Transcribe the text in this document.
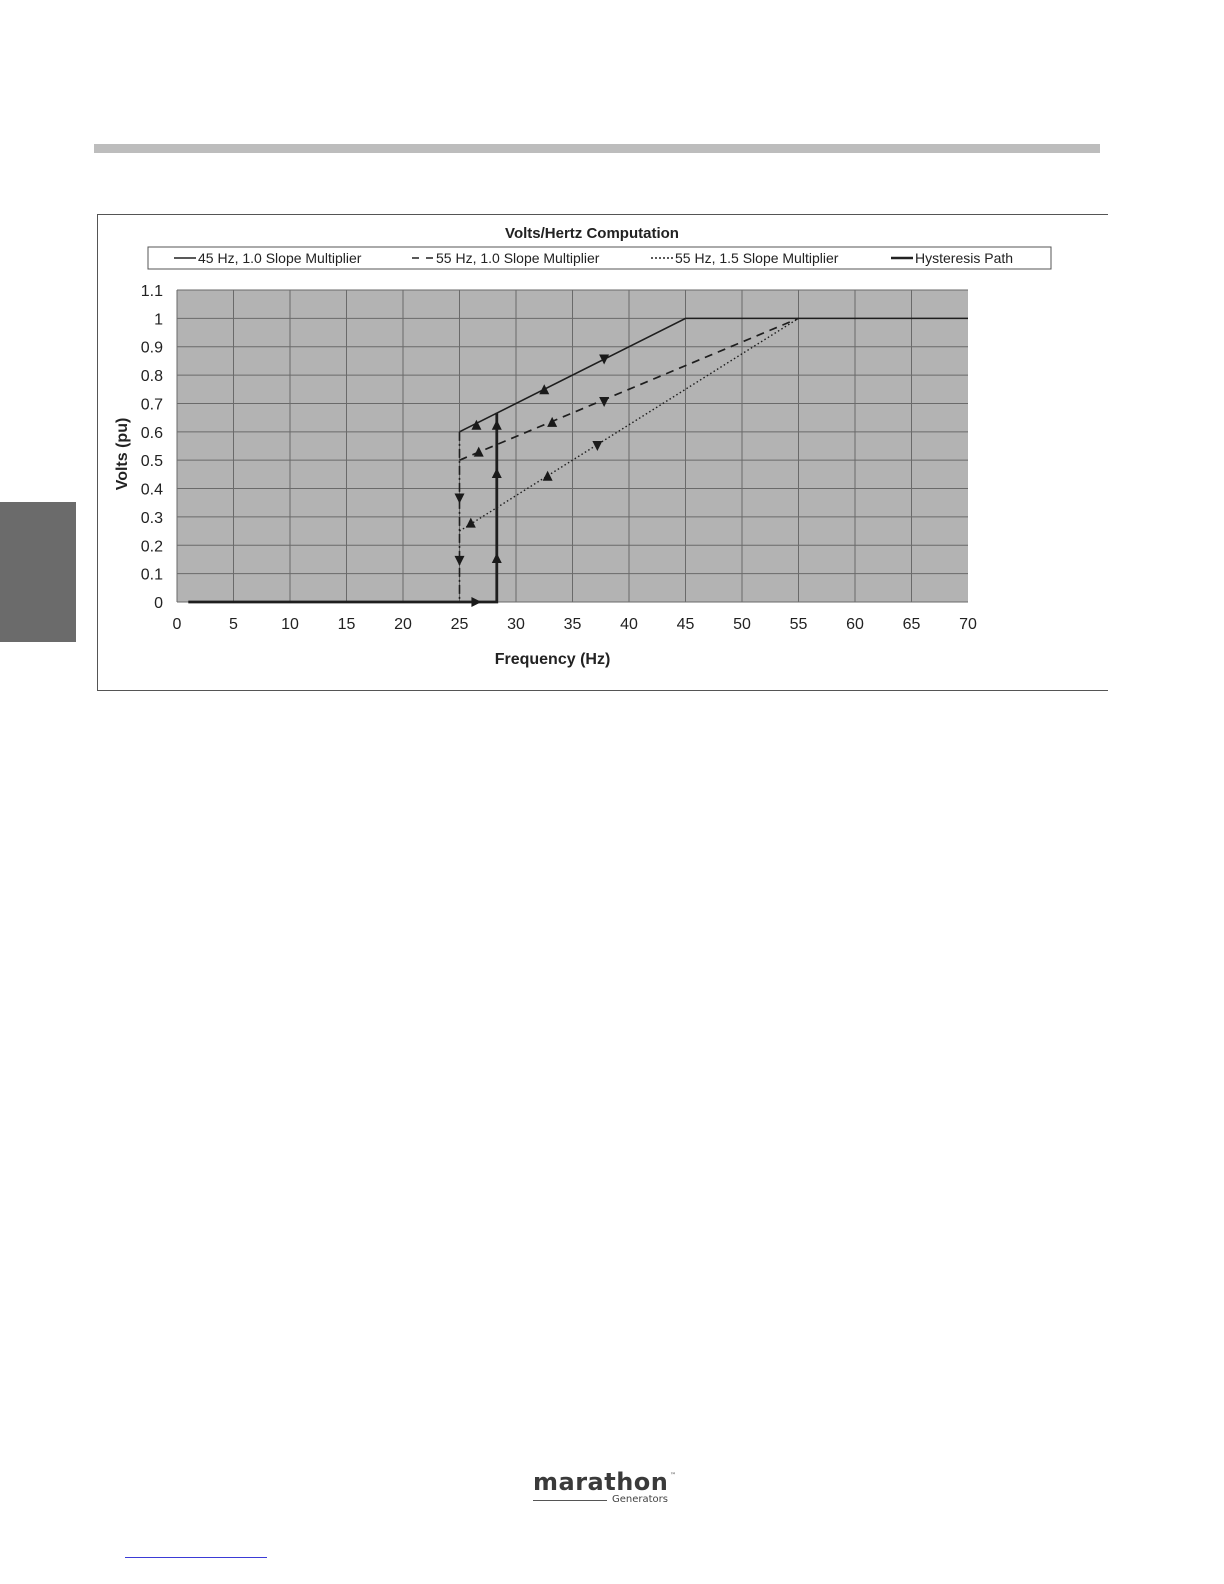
Volts/Hertz Computation
45 Hz, 1.0 Slope Multiplier	55 Hz, 1.0 Slope Multiplier	55 Hz, 1.5 Slope Multiplier	Hysteresis Path
0	5	10 15 20 25 30 35 40 45 50 55 60 65 70
0
0.1
0.2
0.3
0.4
0.5
0.6
0.7
0.8
0.9
1
1.1
Frequency (Hz)
Volts (pu)
marathon ™
Generators
